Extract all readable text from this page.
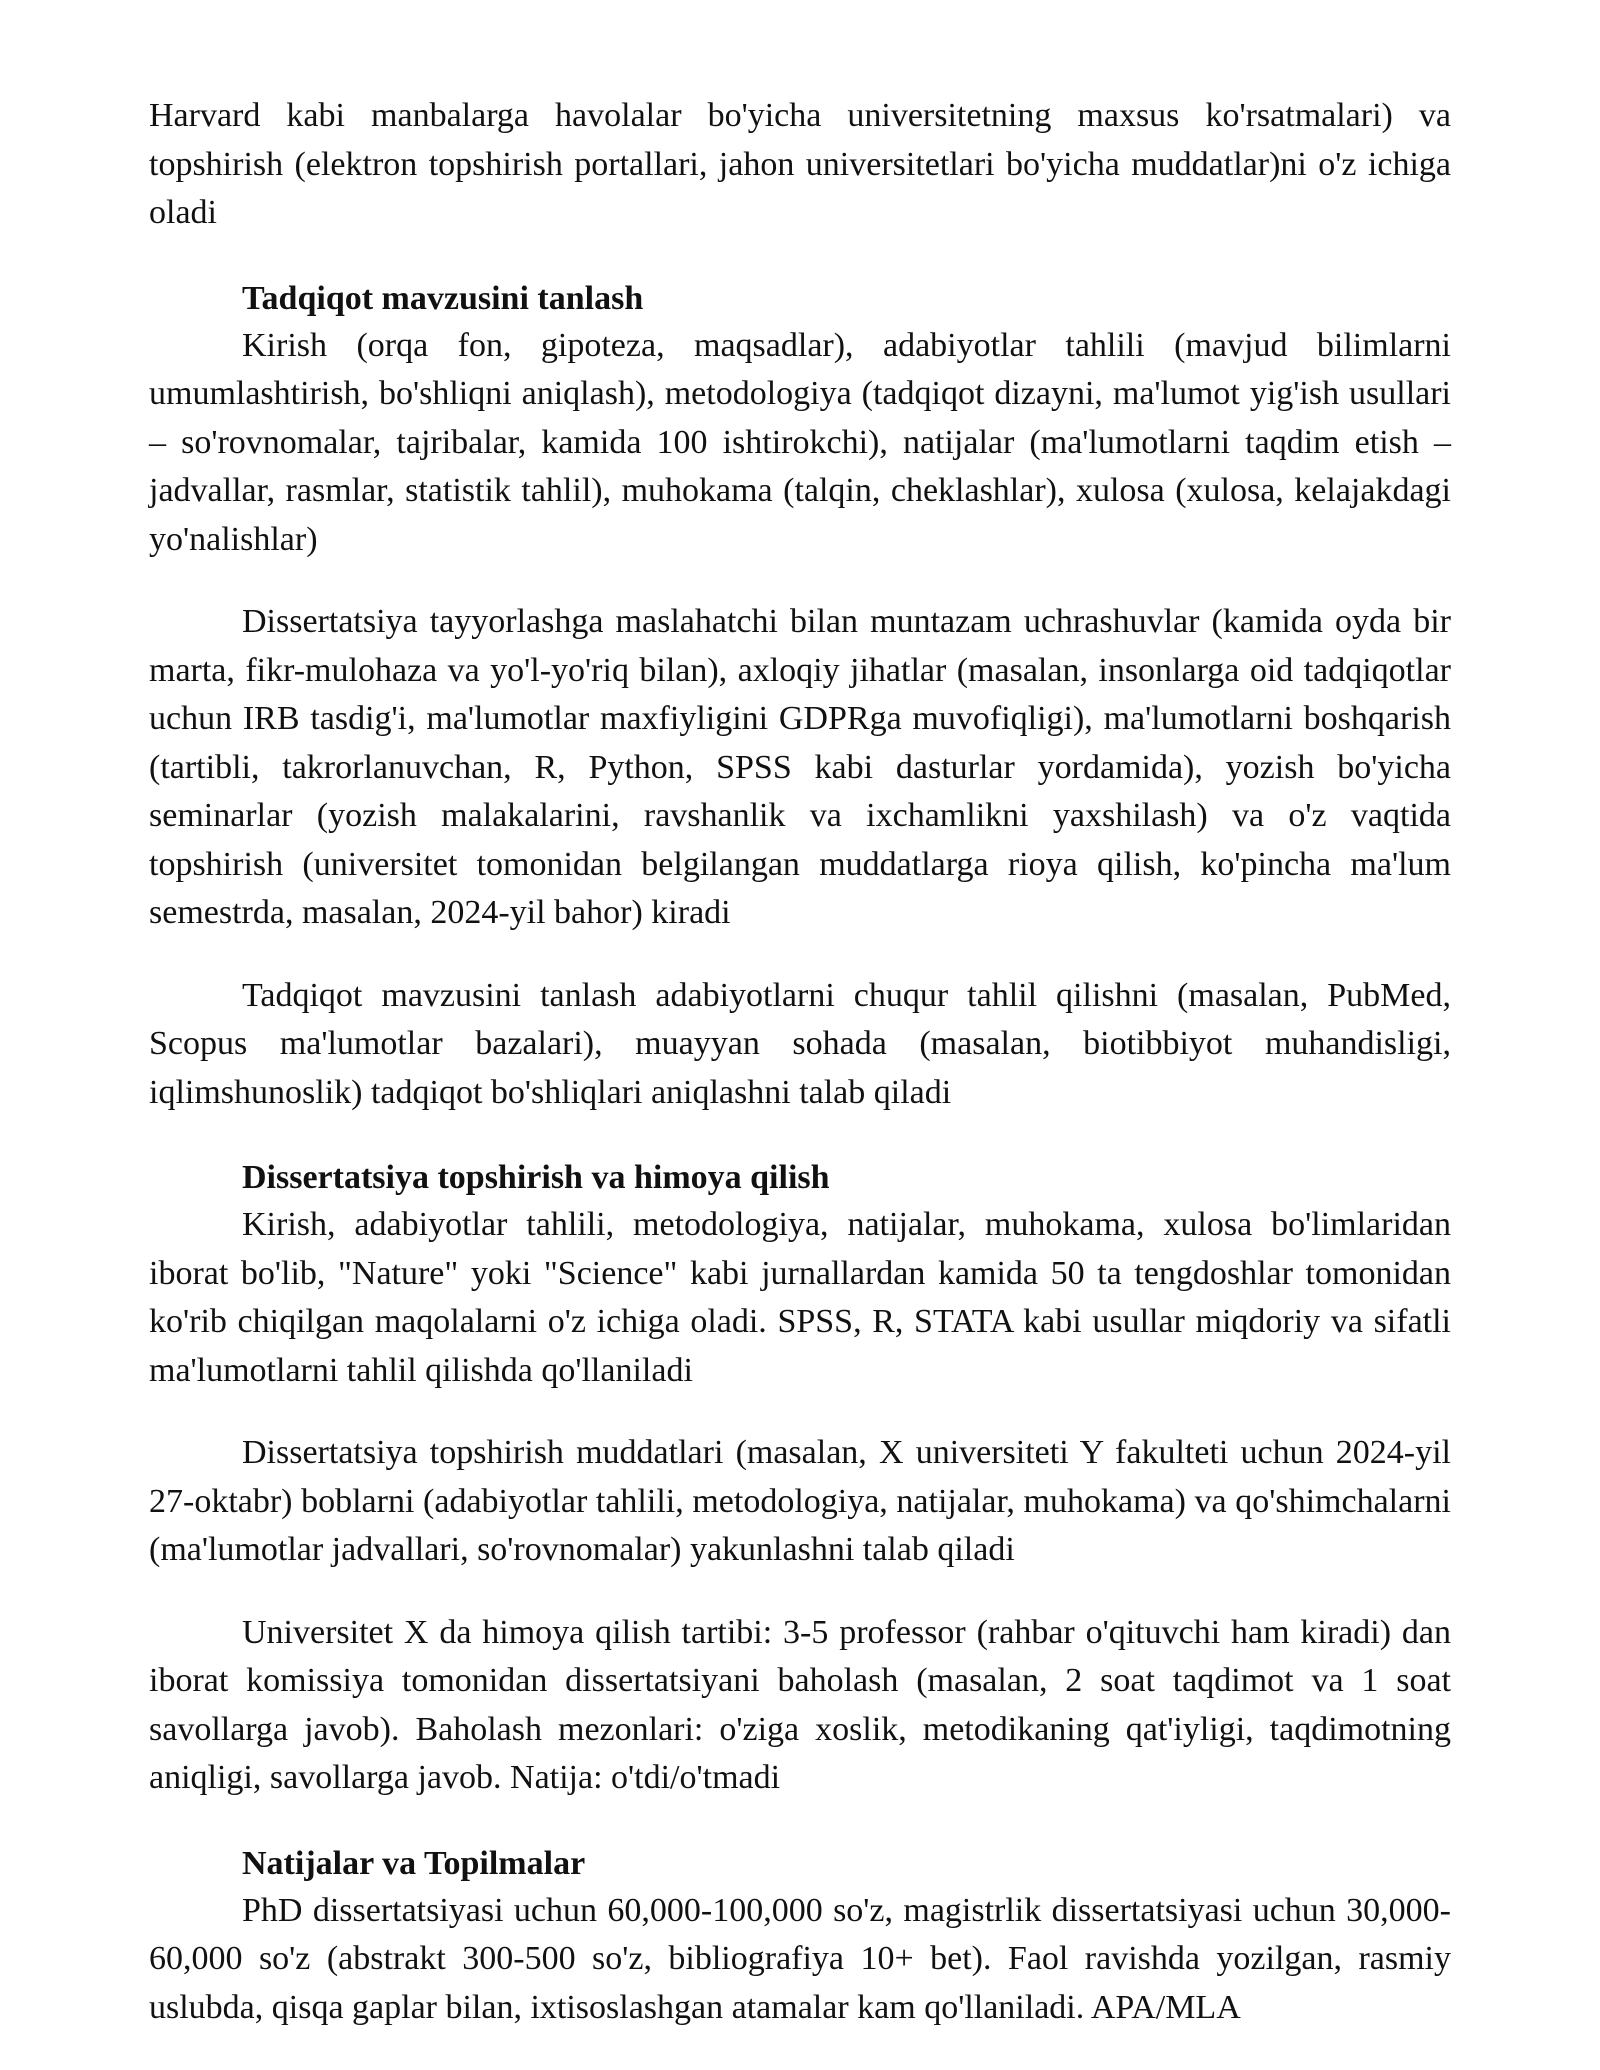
Harvard kabi manbalarga havolalar bo'yicha universitetning maxsus ko'rsatmalari) va topshirish (elektron topshirish portallari, jahon universitetlari bo'yicha muddatlar)ni o'z ichiga oladi

Tadqiqot mavzusini tanlash

Kirish (orqa fon, gipoteza, maqsadlar), adabiyotlar tahlili (mavjud bilimlarni umumlashtirish, bo'shliqni aniqlash), metodologiya (tadqiqot dizayni, ma'lumot yig'ish usullari – so'rovnomalar, tajribalar, kamida 100 ishtirokchi), natijalar (ma'lumotlarni taqdim etish – jadvallar, rasmlar, statistik tahlil), muhokama (talqin, cheklashlar), xulosa (xulosa, kelajakdagi yo'nalishlar)

Dissertatsiya tayyorlashga maslahatchi bilan muntazam uchrashuvlar (kamida oyda bir marta, fikr-mulohaza va yo'l-yo'riq bilan), axloqiy jihatlar (masalan, insonlarga oid tadqiqotlar uchun IRB tasdig'i, ma'lumotlar maxfiyligini GDPRga muvofiqligi), ma'lumotlarni boshqarish (tartibli, takrorlanuvchan, R, Python, SPSS kabi dasturlar yordamida), yozish bo'yicha seminarlar (yozish malakalarini, ravshanlik va ixchamlikni yaxshilash) va o'z vaqtida topshirish (universitet tomonidan belgilangan muddatlarga rioya qilish, ko'pincha ma'lum semestrda, masalan, 2024-yil bahor) kiradi

Tadqiqot mavzusini tanlash adabiyotlarni chuqur tahlil qilishni (masalan, PubMed, Scopus ma'lumotlar bazalari), muayyan sohada (masalan, biotibbiyot muhandisligi, iqlimshunoslik) tadqiqot bo'shliqlari aniqlashni talab qiladi

Dissertatsiya topshirish va himoya qilish

Kirish, adabiyotlar tahlili, metodologiya, natijalar, muhokama, xulosa bo'limlaridan iborat bo'lib, "Nature" yoki "Science" kabi jurnallardan kamida 50 ta tengdoshlar tomonidan ko'rib chiqilgan maqolalarni o'z ichiga oladi. SPSS, R, STATA kabi usullar miqdoriy va sifatli ma'lumotlarni tahlil qilishda qo'llaniladi

Dissertatsiya topshirish muddatlari (masalan, X universiteti Y fakulteti uchun 2024-yil 27-oktabr) boblarni (adabiyotlar tahlili, metodologiya, natijalar, muhokama) va qo'shimchalarni (ma'lumotlar jadvallari, so'rovnomalar) yakunlashni talab qiladi

Universitet X da himoya qilish tartibi: 3-5 professor (rahbar o'qituvchi ham kiradi) dan iborat komissiya tomonidan dissertatsiyani baholash (masalan, 2 soat taqdimot va 1 soat savollarga javob). Baholash mezonlari: o'ziga xoslik, metodikaning qat'iyligi, taqdimotning aniqligi, savollarga javob. Natija: o'tdi/o'tmadi

Natijalar va Topilmalar

PhD dissertatsiyasi uchun 60,000-100,000 so'z, magistrlik dissertatsiyasi uchun 30,000-60,000 so'z (abstrakt 300-500 so'z, bibliografiya 10+ bet). Faol ravishda yozilgan, rasmiy uslubda, qisqa gaplar bilan, ixtisoslashgan atamalar kam qo'llaniladi. APA/MLA
